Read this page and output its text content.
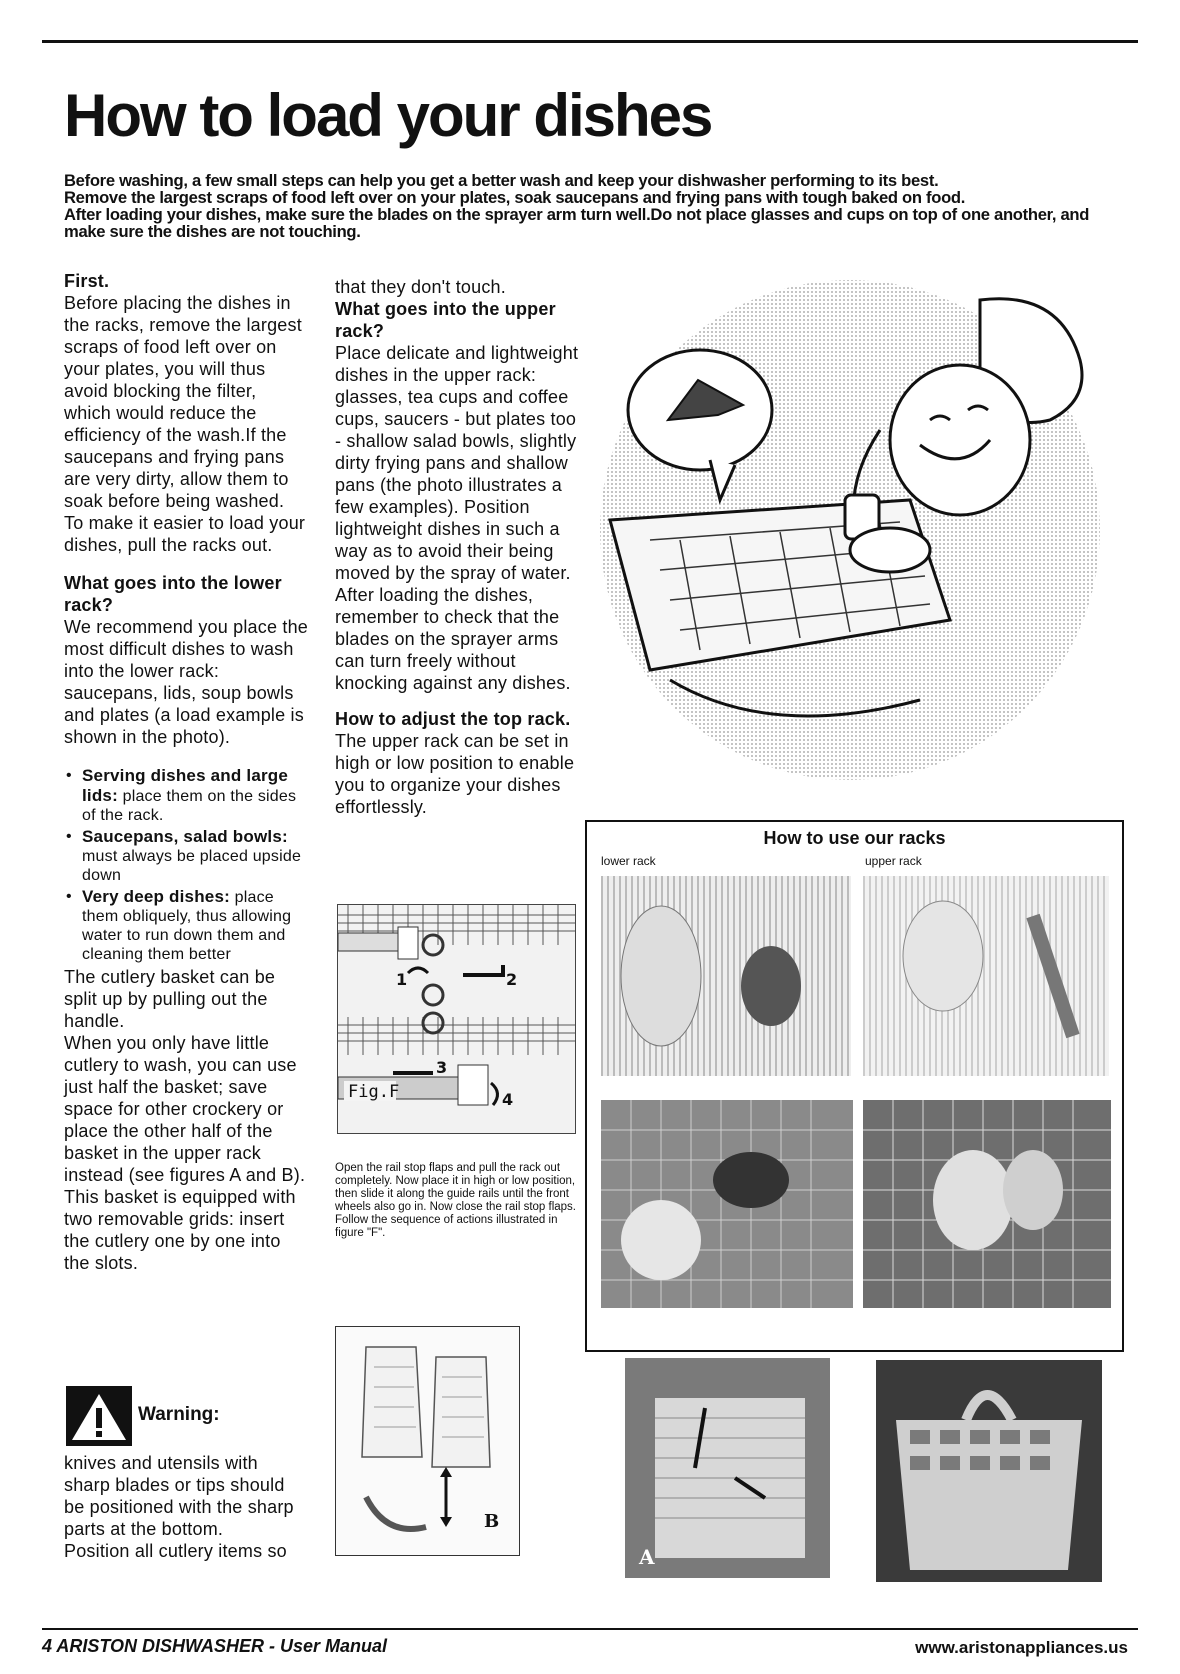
How to load your dishes

Before washing, a few small steps can help you get a better wash and keep your dishwasher performing to its best.

Remove the largest scraps of food left over on your plates, soak saucepans and frying pans with tough baked on food.

After loading your dishes, make sure the blades on the sprayer arm turn well.Do not place glasses and cups on top of one another, and make sure the dishes are not touching.

First.

Before placing the dishes in the racks, remove the largest scraps of food left over on your plates, you will thus avoid blocking the filter, which would reduce the efficiency of the wash.If the saucepans and frying pans are very dirty, allow them to soak before being washed. To make it easier to load your dishes, pull the racks out.

What goes into the lower rack?

We recommend you place the most difficult dishes to wash into the lower rack: saucepans, lids, soup bowls and plates (a load example is shown in the photo).

• Serving dishes and large lids: place them on the sides of the rack.
• Saucepans, salad bowls: must always be placed upside down
• Very deep dishes: place them obliquely, thus allowing water to run down them and cleaning them better

The cutlery basket can be split up by pulling out the handle.

When you only have little cutlery to wash, you can use just half the basket; save space for other crockery or place the other half of the basket in the upper rack instead (see figures A and B).

This basket is equipped with two removable grids: insert the cutlery one by one into the slots.

Warning:

knives and utensils with sharp blades or tips should be positioned with the sharp parts at the bottom.

Position all cutlery items so

that they don't touch.

What goes into the upper rack?

Place delicate and lightweight dishes in the upper rack: glasses, tea cups and coffee cups, saucers - but plates too - shallow salad bowls, slightly dirty frying pans and shallow pans (the photo illustrates a few examples). Position lightweight dishes in such a way as to avoid their being moved by the spray of water.

After loading the dishes, remember to check that the blades on the sprayer arms can turn freely without knocking against any dishes.

How to adjust the top rack.

The upper rack can be set in high or low position to enable you to organize your dishes effortlessly.

1	2
3
4
Fig.F
Open the rail stop flaps and pull the rack out completely. Now place it in high or low position, then slide it along the guide rails until the front wheels also go in. Now close the rail stop flaps. Follow the sequence of actions illustrated in figure "F".
B
How to use our racks
lower rack	upper rack
A
4 ARISTON DISHWASHER - User Manual	www.aristonappliances.us
